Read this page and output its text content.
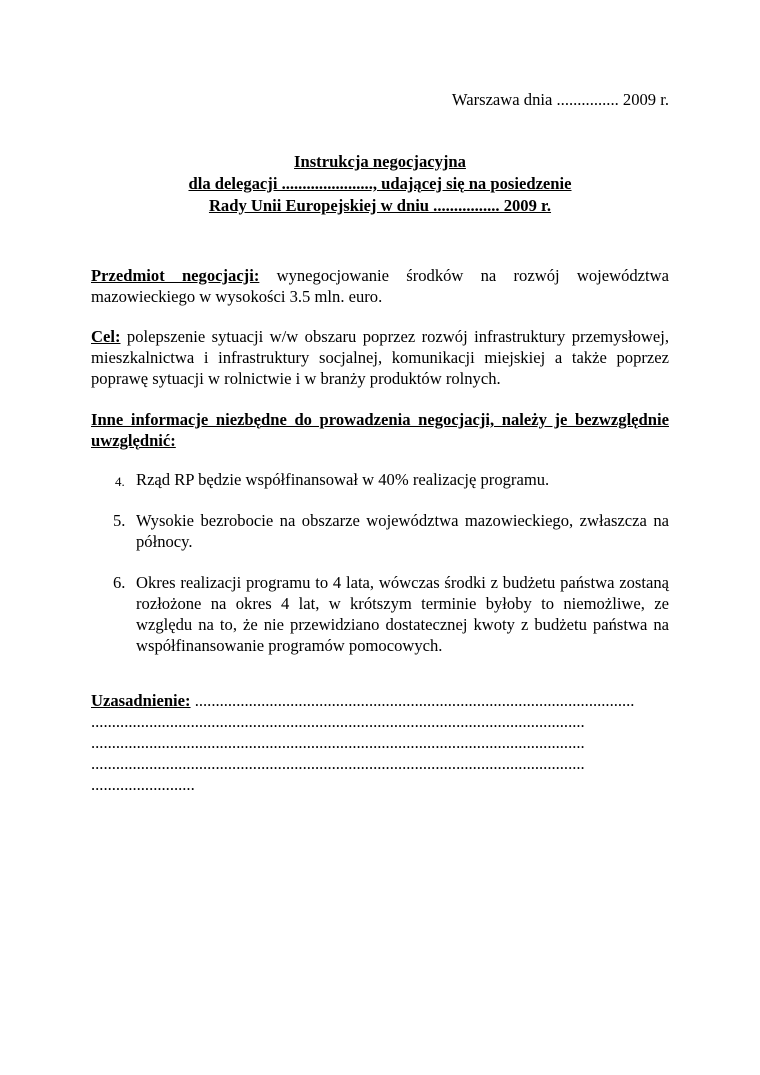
Warszawa dnia ............... 2009 r.
Instrukcja negocjacyjna
dla delegacji ......................, udającej się na posiedzenie
Rady Unii Europejskiej w dniu ................ 2009 r.
Przedmiot negocjacji: wynegocjowanie środków na rozwój województwa mazowieckiego w wysokości 3.5 mln. euro.
Cel: polepszenie sytuacji w/w obszaru poprzez rozwój infrastruktury przemysłowej, mieszkalnictwa i infrastruktury socjalnej, komunikacji miejskiej a także poprzez poprawę sytuacji w rolnictwie i w branży produktów rolnych.
Inne informacje niezbędne do prowadzenia negocjacji, należy je bezwzględnie uwzględnić:
4. Rząd RP będzie współfinansował w 40% realizację programu.
5. Wysokie bezrobocie na obszarze województwa mazowieckiego, zwłaszcza na północy.
6. Okres realizacji programu to 4 lata, wówczas środki z budżetu państwa zostaną rozłożone na okres 4 lat, w krótszym terminie byłoby to niemożliwe, ze względu na to, że nie przewidziano dostatecznej kwoty z budżetu państwa na współfinansowanie programów pomocowych.
Uzasadnienie: ..........................................................................................................
.......................................................................................................................
.......................................................................................................................
.......................................................................................................................
.........................
